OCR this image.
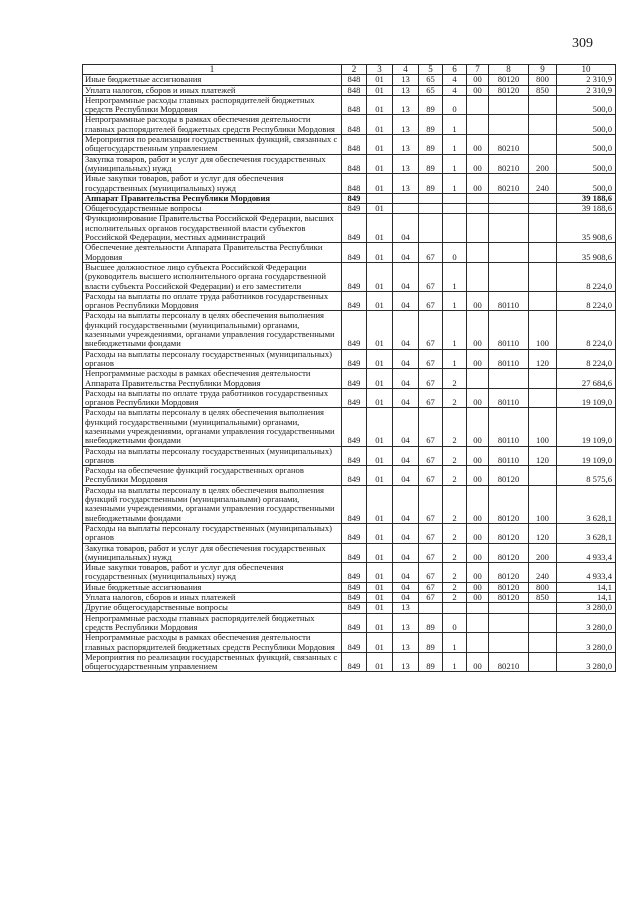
309
1	2	3	4	5	6	7	8	9	10
Иные бюджетные ассигнования	848	01	13	65	4	00	80120	800	2 310,9
Уплата налогов, сборов и иных платежей	848	01	13	65	4	00	80120	850	2 310,9
Непрограммные расходы главных распорядителей бюджетных средств Республики Мордовия	848	01	13	89	0				500,0
Непрограммные расходы в рамках обеспечения деятельности главных распорядителей бюджетных средств Республики Мордовия	848	01	13	89	1				500,0
Мероприятия по реализации государственных функций, связанных с общегосударственным управлением	848	01	13	89	1	00	80210		500,0
Закупка товаров, работ и услуг для обеспечения государственных (муниципальных) нужд	848	01	13	89	1	00	80210	200	500,0
Иные закупки товаров, работ и услуг для обеспечения государственных (муниципальных) нужд	848	01	13	89	1	00	80210	240	500,0
Аппарат Правительства Республики Мордовия	849								39 188,6
Общегосударственные вопросы	849	01							39 188,6
Функционирование Правительства Российской Федерации, высших исполнительных органов государственной власти субъектов Российской Федерации, местных администраций	849	01	04						35 908,6
Обеспечение деятельности Аппарата Правительства Республики Мордовия	849	01	04	67	0				35 908,6
Высшее должностное лицо субъекта Российской Федерации (руководитель высшего исполнительного органа государственной власти субъекта Российской Федерации) и его заместители	849	01	04	67	1				8 224,0
Расходы на выплаты по оплате труда работников государственных органов Республики Мордовия	849	01	04	67	1	00	80110		8 224,0
Расходы на выплаты персоналу в целях обеспечения выполнения функций государственными (муниципальными) органами, казенными учреждениями, органами управления государственными внебюджетными фондами	849	01	04	67	1	00	80110	100	8 224,0
Расходы на выплаты персоналу государственных (муниципальных) органов	849	01	04	67	1	00	80110	120	8 224,0
Непрограммные расходы в рамках обеспечения деятельности Аппарата Правительства Республики Мордовия	849	01	04	67	2				27 684,6
Расходы на выплаты по оплате труда работников государственных органов Республики Мордовия	849	01	04	67	2	00	80110		19 109,0
Расходы на выплаты персоналу в целях обеспечения выполнения функций государственными (муниципальными) органами, казенными учреждениями, органами управления государственными внебюджетными фондами	849	01	04	67	2	00	80110	100	19 109,0
Расходы на выплаты персоналу государственных (муниципальных) органов	849	01	04	67	2	00	80110	120	19 109,0
Расходы на обеспечение функций государственных органов Республики Мордовия	849	01	04	67	2	00	80120		8 575,6
Расходы на выплаты персоналу в целях обеспечения выполнения функций государственными (муниципальными) органами, казенными учреждениями, органами управления государственными внебюджетными фондами	849	01	04	67	2	00	80120	100	3 628,1
Расходы на выплаты персоналу государственных (муниципальных) органов	849	01	04	67	2	00	80120	120	3 628,1
Закупка товаров, работ и услуг для обеспечения государственных (муниципальных) нужд	849	01	04	67	2	00	80120	200	4 933,4
Иные закупки товаров, работ и услуг для обеспечения государственных (муниципальных) нужд	849	01	04	67	2	00	80120	240	4 933,4
Иные бюджетные ассигнования	849	01	04	67	2	00	80120	800	14,1
Уплата налогов, сборов и иных платежей	849	01	04	67	2	00	80120	850	14,1
Другие общегосударственные вопросы	849	01	13						3 280,0
Непрограммные расходы главных распорядителей бюджетных средств Республики Мордовия	849	01	13	89	0				3 280,0
Непрограммные расходы в рамках обеспечения деятельности главных распорядителей бюджетных средств Республики Мордовия	849	01	13	89	1				3 280,0
Мероприятия по реализации государственных функций, связанных с общегосударственным управлением	849	01	13	89	1	00	80210		3 280,0
